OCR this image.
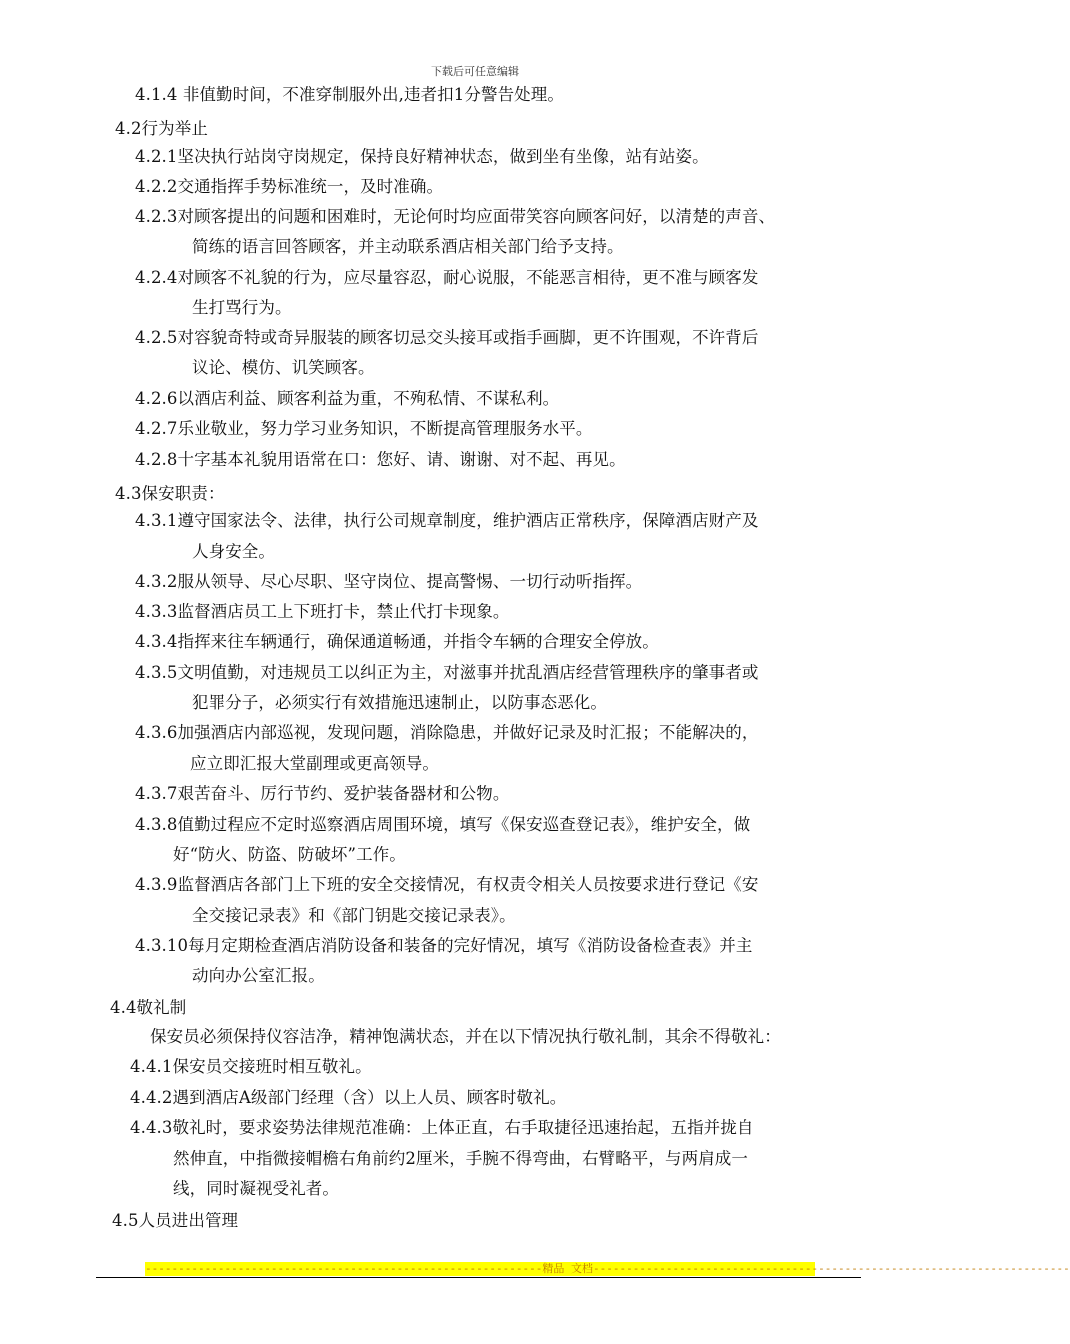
下载后可任意编辑
4.1.4 非值勤时间，不准穿制服外出,违者扣1分警告处理。
4.2行为举止
4.2.1坚决执行站岗守岗规定，保持良好精神状态，做到坐有坐像，站有站姿。
4.2.2交通指挥手势标准统一，及时准确。
4.2.3对顾客提出的问题和困难时，无论何时均应面带笑容向顾客问好，以清楚的声音、
简练的语言回答顾客，并主动联系酒店相关部门给予支持。
4.2.4对顾客不礼貌的行为，应尽量容忍，耐心说服，不能恶言相待，更不准与顾客发
生打骂行为。
4.2.5对容貌奇特或奇异服装的顾客切忌交头接耳或指手画脚，更不许围观，不许背后
议论、模仿、讥笑顾客。
4.2.6以酒店利益、顾客利益为重，不殉私情、不谋私利。
4.2.7乐业敬业，努力学习业务知识，不断提高管理服务水平。
4.2.8十字基本礼貌用语常在口：您好、请、谢谢、对不起、再见。
4.3保安职责：
4.3.1遵守国家法令、法律，执行公司规章制度，维护酒店正常秩序，保障酒店财产及
人身安全。
4.3.2服从领导、尽心尽职、坚守岗位、提高警惕、一切行动听指挥。
4.3.3监督酒店员工上下班打卡，禁止代打卡现象。
4.3.4指挥来往车辆通行，确保通道畅通，并指令车辆的合理安全停放。
4.3.5文明值勤，对违规员工以纠正为主，对滋事并扰乱酒店经营管理秩序的肇事者或
犯罪分子，必须实行有效措施迅速制止，以防事态恶化。
4.3.6加强酒店内部巡视，发现问题，消除隐患，并做好记录及时汇报；不能解决的，
应立即汇报大堂副理或更高领导。
4.3.7艰苦奋斗、厉行节约、爱护装备器材和公物。
4.3.8值勤过程应不定时巡察酒店周围环境，填写《保安巡查登记表》，维护安全，做
好“防火、防盗、防破坏”工作。
4.3.9监督酒店各部门上下班的安全交接情况，有权责令相关人员按要求进行登记《安
全交接记录表》和《部门钥匙交接记录表》。
4.3.10每月定期检查酒店消防设备和装备的完好情况，填写《消防设备检查表》并主
动向办公室汇报。
4.4敬礼制
保安员必须保持仪容洁净，精神饱满状态，并在以下情况执行敬礼制，其余不得敬礼：
4.4.1保安员交接班时相互敬礼。
4.4.2遇到酒店A级部门经理（含）以上人员、顾客时敬礼。
4.4.3敬礼时，要求姿势法律规范准确：上体正直，右手取捷径迅速抬起，五指并拢自
然伸直，中指微接帽檐右角前约2厘米，手腕不得弯曲，右臂略平，与两肩成一
线，同时凝视受礼者。
4.5人员进出管理
------------------------------------------------------------精品 文档------------------------------------------------------------------------
